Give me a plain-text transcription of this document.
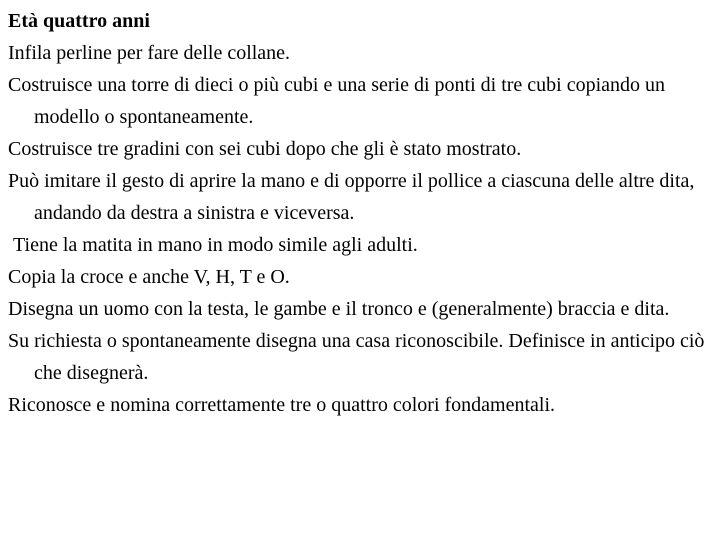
Età quattro anni
Infila perline per fare delle collane.
Costruisce una torre di dieci o più cubi e una serie di ponti di tre cubi copiando un modello o spontaneamente.
Costruisce tre gradini con sei cubi dopo che gli è stato mostrato.
Può imitare il gesto di aprire la mano e di opporre il pollice a ciascuna delle altre dita, andando da destra a sinistra e viceversa.
Tiene la matita in mano in modo simile agli adulti.
Copia la croce e anche V, H, T e O.
Disegna un uomo con la testa, le gambe e il tronco e (generalmente) braccia e dita.
Su richiesta o spontaneamente disegna una casa riconoscibile. Definisce in anticipo ciò che disegnerà.
Riconosce e nomina correttamente tre o quattro colori fondamentali.
